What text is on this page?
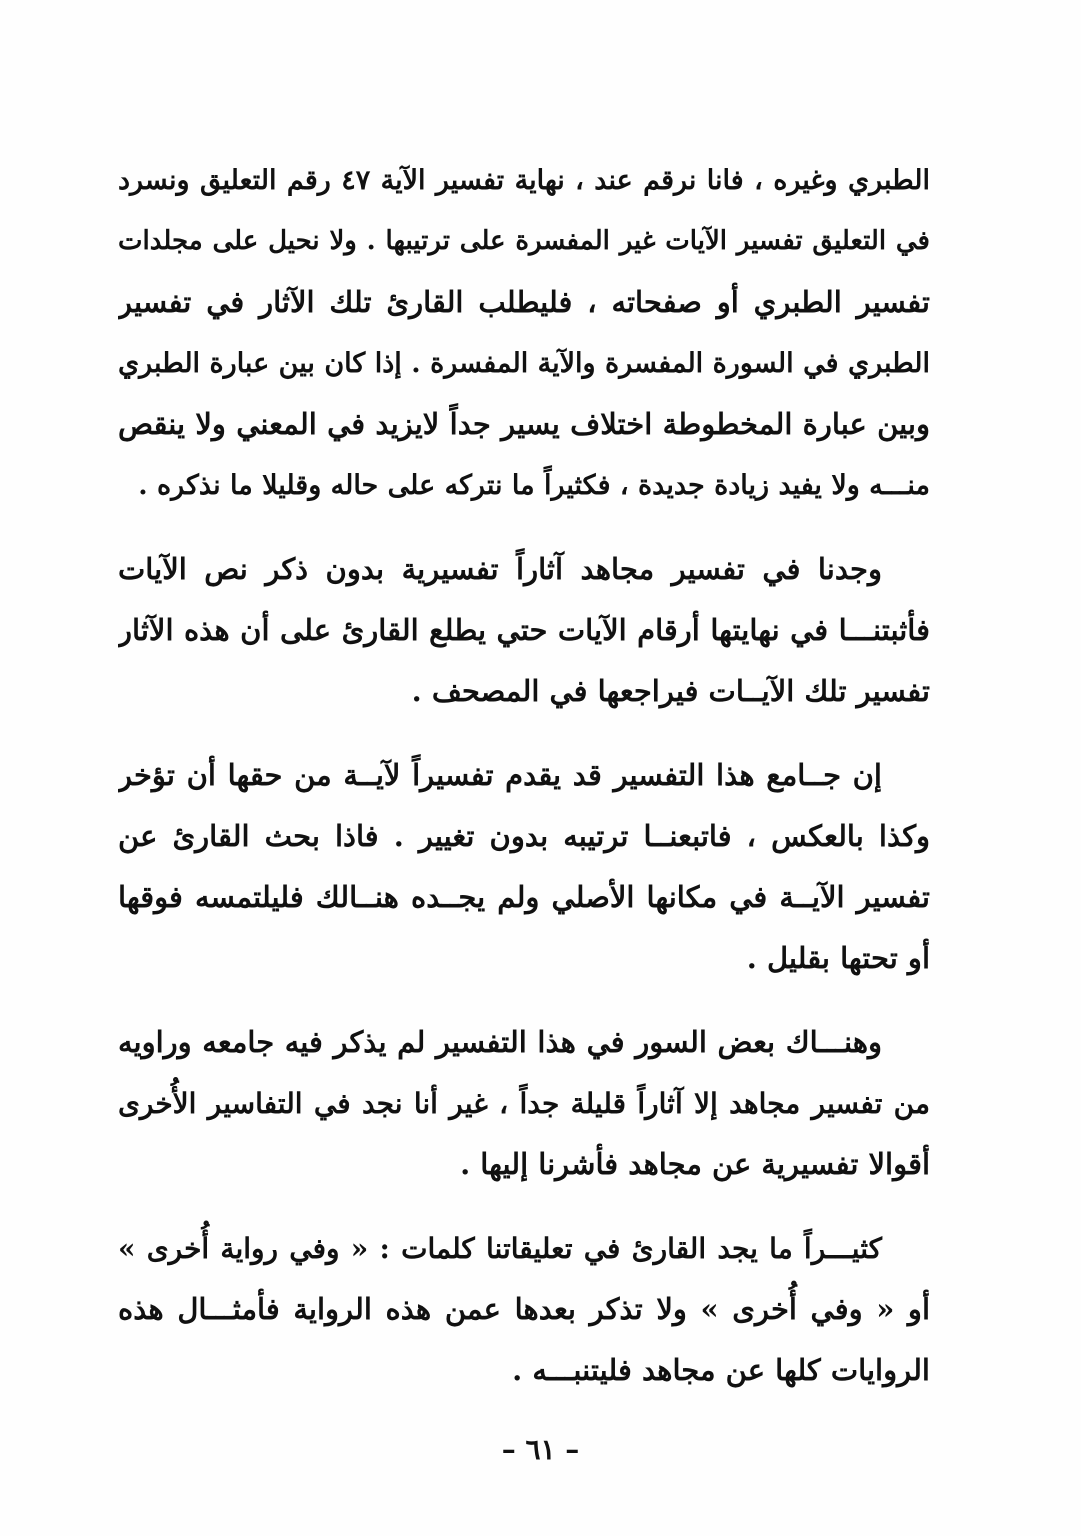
الطبري وغيره ، فانا نرقم عند ، نهاية تفسير الآية ٤٧ رقم التعليق ونسرد
في التعليق تفسير الآيات غير المفسرة على ترتيبها . ولا نحيل على مجلدات
تفسير الطبري أو صفحاته ، فليطلب القارئ تلك الآثار في تفسير
الطبري في السورة المفسرة والآية المفسرة . إذا كان بين عبارة الطبري
وبين عبارة المخطوطة اختلاف يسير جداً لايزيد في المعني ولا ينقص
منـــه ولا يفيد زيادة جديدة ، فكثيراً ما نتركه على حاله وقليلا ما نذكره .
وجدنا في تفسير مجاهد آثاراً تفسيرية بدون ذكر نص الآيات
فأثبتنـــا في نهايتها أرقام الآيات حتي يطلع القارئ على أن هذه الآثار
تفسير تلك الآيــات فيراجعها في المصحف .
إن جــامع هذا التفسير قد يقدم تفسيراً لآيــة من حقها أن تؤخر
وكذا بالعكس ، فاتبعنــا ترتيبه بدون تغيير . فاذا بحث القارئ عن
تفسير الآيــة في مكانها الأصلي ولم يجــده هنــالك فليلتمسه فوقها
أو تحتها بقليل .
وهنـــاك بعض السور في هذا التفسير لم يذكر فيه جامعه وراويه
من تفسير مجاهد إلا آثاراً قليلة جداً ، غير أنا نجد في التفاسير الأُخرى
أقوالا تفسيرية عن مجاهد فأشرنا إليها .
كثيـــراً ما يجد القارئ في تعليقاتنا كلمات : « وفي رواية أُخرى »
أو « وفي أُخرى » ولا تذكر بعدها عمن هذه الرواية فأمثـــال هذه
الروايات كلها عن مجاهد فليتنبـــه .
– ٦١ –
